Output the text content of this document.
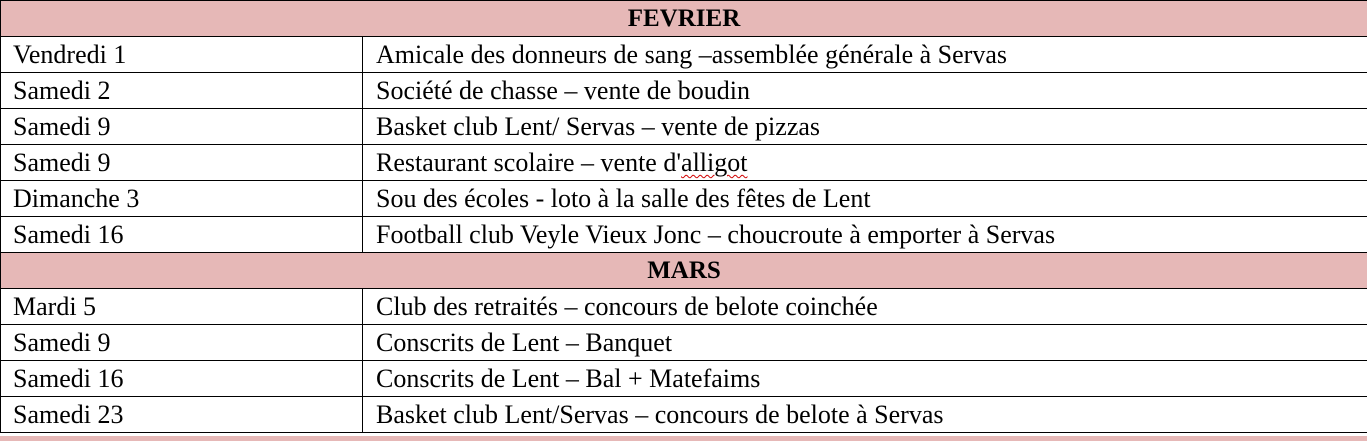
FEVRIER	
Vendredi 1	Amicale des donneurs de sang –assemblée générale à Servas
Samedi 2	Société de chasse – vente de boudin
Samedi 9	Basket club Lent/ Servas – vente de pizzas
Samedi 9	Restaurant scolaire – vente d'alligot
Dimanche 3	Sou des écoles - loto à la salle des fêtes de Lent
Samedi 16	Football club Veyle Vieux Jonc – choucroute à emporter à Servas
MARS	
Mardi 5	Club des retraités – concours de belote coinchée
Samedi 9	Conscrits de Lent – Banquet
Samedi 16	Conscrits de Lent – Bal + Matefaims
Samedi 23	Basket club Lent/Servas – concours de belote à Servas
